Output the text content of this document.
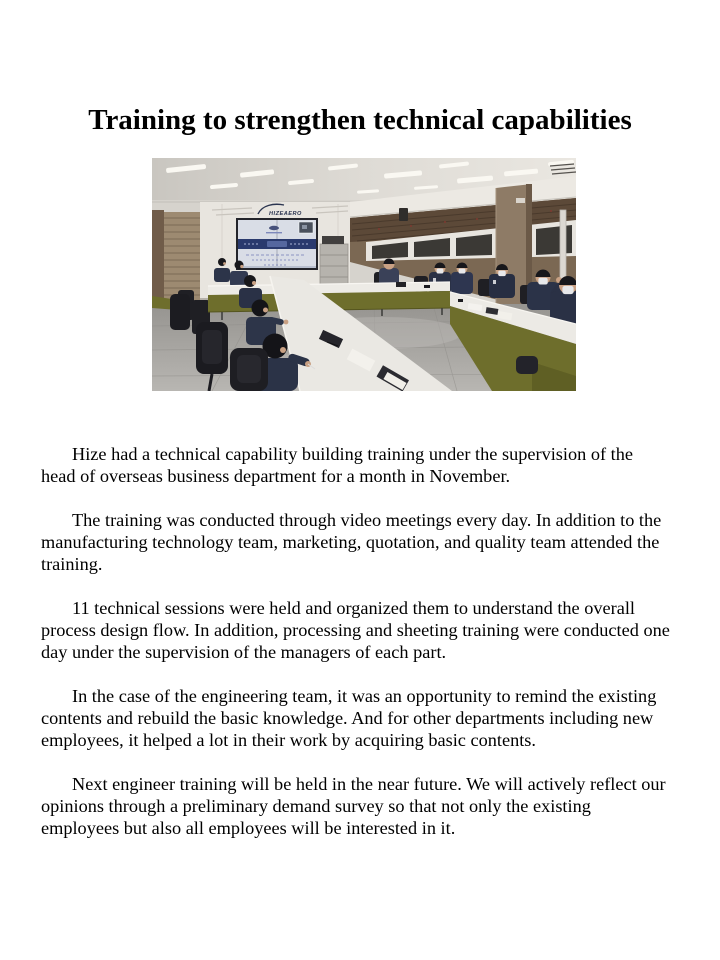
Training to strengthen technical capabilities
HIZEAERO

Hize had a technical capability building training under the supervision of the head of overseas business department for a month in November.

The training was conducted through video meetings every day. In addition to the manufacturing technology team, marketing, quotation, and quality team attended the training.

11 technical sessions were held and organized them to understand the overall process design flow. In addition, processing and sheeting training were conducted one day under the supervision of the managers of each part.

In the case of the engineering team, it was an opportunity to remind the existing contents and rebuild the basic knowledge. And for other departments including new employees, it helped a lot in their work by acquiring basic contents.

Next engineer training will be held in the near future. We will actively reflect our opinions through a preliminary demand survey so that not only the existing employees but also all employees will be interested in it.
